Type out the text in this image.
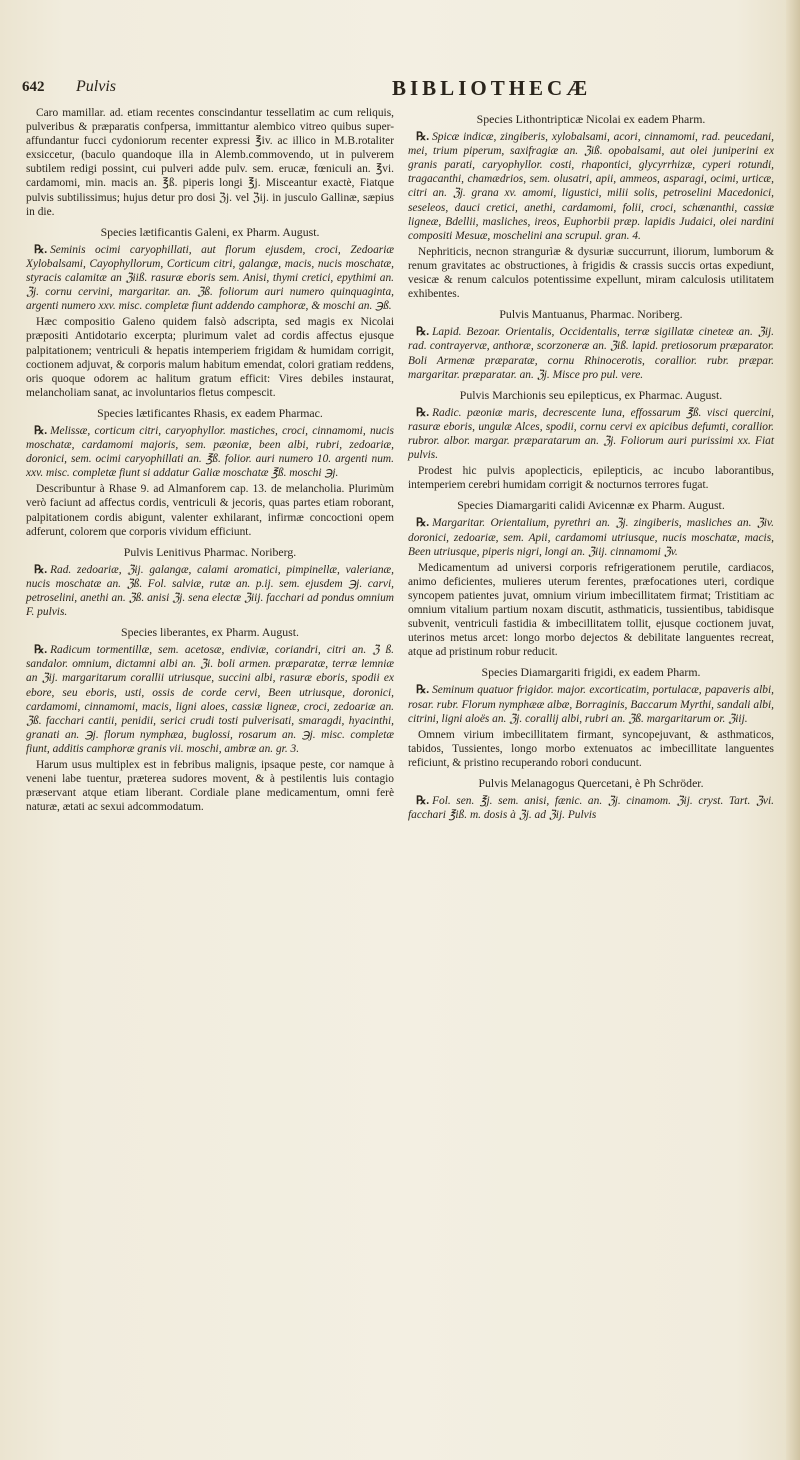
642 Pulvis	BIBLIOTHECÆ

Caro mamillar. ad. etiam recentes conscindantur tessellatim ac cum reliquis, pulveribus & præparatis confpersa, immittantur alembico vitreo quibus super-affundantur fucci cydoniorum recenter expressi ℥iv. ac illico in M.B.rotaliter exsiccetur, (baculo quandoque illa in Alemb.commovendo, ut in pulverem subtilem redigi possint, cui pulveri adde pulv. sem. erucæ, fœniculi an. ℥vi. cardamomi, min. macis an. ℥ß. piperis longi ℥j. Misceantur exactè, Fiatque pulvis subtilissimus; hujus detur pro dosi ℨj. vel ℨij. in jusculo Gallinæ, sæpius in die.

Species lætificantis Galeni, ex Pharm. August.

℞. Seminis ocimi caryophillati, aut florum ejusdem, croci, Zedoariæ Xylobalsami, Cayophyllorum, Corticum citri, galangæ, macis, nucis moschatæ, styracis calamitæ an ℨiiß. rasuræ eboris sem. Anisi, thymi cretici, epythimi an. ℨj. cornu cervini, margaritar. an. ℨß. foliorum auri numero quinquaginta, argenti numero xxv. misc. completæ fiunt addendo camphoræ, & moschi an. ℈ß.

Hæc compositio Galeno quidem falsò adscripta, sed magis ex Nicolai præpositi Antidotario excerpta; plurimum valet ad cordis affectus ejusque palpitationem; ventriculi & hepatis intemperiem frigidam & humidam corrigit, coctionem adjuvat, & corporis malum habitum emendat, colori gratiam reddens, oris quoque odorem ac halitum gratum efficit: Vires debiles instaurat, melancholiam sanat, ac involuntarios fletus compescit.

Species lætificantes Rhasis, ex eadem Pharmac.

℞. Melissæ, corticum citri, caryophyllor. mastiches, croci, cinnamomi, nucis moschatæ, cardamomi majoris, sem. pæoniæ, been albi, rubri, zedoariæ, doronici, sem. ocimi caryophillati an. ℥ß. folior. auri numero 10. argenti num. xxv. misc. completæ fiunt si addatur Galiæ moschatæ ℥ß. moschi ℈j.

Describuntur à Rhase 9. ad Almanforem cap. 13. de melancholia. Plurimùm verò faciunt ad affectus cordis, ventriculi & jecoris, quas partes etiam roborant, palpitationem cordis abigunt, valenter exhilarant, infirmæ concoctioni opem adferunt, colorem que corporis vividum efficiunt.

Pulvis Lenitivus Pharmac. Noriberg.

℞. Rad. zedoariæ, ℨij. galangæ, calami aromatici, pimpinellæ, valerianæ, nucis moschatæ an. ℨß. Fol. salviæ, rutæ an. p.ij. sem. ejusdem ℈j. carvi, petroselini, anethi an. ℨß. anisi ℨj. sena electæ ℨiij. facchari ad pondus omnium F. pulvis.

Species liberantes, ex Pharm. August.

℞. Radicum tormentillæ, sem. acetosæ, endiviæ, coriandri, citri an. ℨ ß. sandalor. omnium, dictamni albi an. ℨi. boli armen. præparatæ, terræ lemniæ an ℨij. margaritarum corallii utriusque, succini albi, rasuræ eboris, spodii ex ebore, seu eboris, usti, ossis de corde cervi, Been utriusque, doronici, cardamomi, cinnamomi, macis, ligni aloes, cassiæ ligneæ, croci, zedoariæ an. ℨß. facchari cantii, penidii, serici crudi tosti pulverisati, smaragdi, hyacinthi, granati an. ℈j. florum nymphæa, buglossi, rosarum an. ℈j. misc. completæ fiunt, additis camphoræ granis vii. moschi, ambræ an. gr. 3.

Harum usus multiplex est in febribus malignis, ipsaque peste, cor namque à veneni labe tuentur, præterea sudores movent, & à pestilentis luis contagio præservant atque etiam liberant. Cordiale plane medicamentum, omni ferè naturæ, ætati ac sexui adcommodatum.

Species Lithontripticæ Nicolai ex eadem Pharm.

℞. Spicæ indicæ, zingiberis, xylobalsami, acori, cinnamomi, rad. peucedani, mei, trium piperum, saxifragiæ an. ℨiß. opobalsami, aut olei juniperini ex granis parati, caryophyllor. costi, rhapontici, glycyrrhizæ, cyperi rotundi, tragacanthi, chamædrios, sem. olusatri, apii, ammeos, asparagi, ocimi, urticæ, citri an. ℨj. grana xv. amomi, ligustici, milii solis, petroselini Macedonici, seseleos, dauci cretici, anethi, cardamomi, folii, croci, schænanthi, cassiæ ligneæ, Bdellii, masliches, ireos, Euphorbii præp. lapidis Judaici, olei nardini compositi Mesuæ, moschelini ana scrupul. gran. 4.

Nephriticis, necnon strangurìæ & dysuriæ succurrunt, iliorum, lumborum & renum gravitates ac obstructiones, à frigidis & crassis succis ortas expediunt, vesicæ & renum calculos potentissime expellunt, miram calculosis utilitatem exhibentes.

Pulvis Mantuanus, Pharmac. Noriberg.

℞. Lapid. Bezoar. Orientalis, Occidentalis, terræ sigillatæ cineteæ an. ℨij. rad. contrayervæ, anthoræ, scorzoneræ an. ℨiß. lapid. pretiosorum præparator. Boli Armenæ præparatæ, cornu Rhinocerotis, corallior. rubr. præpar. margaritar. præparatar. an. ℨj. Misce pro pul. vere.

Pulvis Marchionis seu epilepticus, ex Pharmac. August.

℞. Radic. pæoniæ maris, decrescente luna, effossarum ℥ß. visci quercini, rasuræ eboris, ungulæ Alces, spodii, cornu cervi ex apicibus defumti, corallior. rubror. albor. margar. præparatarum an. ℨj. Foliorum auri purissimi xx. Fiat pulvis.

Prodest hic pulvis apoplecticis, epilepticis, ac incubo laborantibus, intemperiem cerebri humidam corrigit & nocturnos terrores fugat.

Species Diamargariti calidi Avicennæ ex Pharm. August.

℞. Margaritar. Orientalium, pyrethri an. ℨj. zingiberis, masliches an. ℨiv. doronici, zedoariæ, sem. Apii, cardamomi utriusque, nucis moschatæ, macis, Been utriusque, piperis nigri, longi an. ℨiij. cinnamomi ℨv.

Medicamentum ad universi corporis refrigerationem perutile, cardiacos, animo deficientes, mulieres uterum ferentes, præfocationes uteri, cordique syncopem patientes juvat, omnium virium imbecillitatem firmat; Tristitiam ac omnium vitalium partium noxam discutit, asthmaticis, tussientibus, tabidisque subvenit, ventriculi fastidia & imbecillitatem tollit, ejusque coctionem juvat, uterinos metus arcet: longo morbo dejectos & debilitate languentes recreat, atque ad pristinum robur reducit.

Species Diamargariti frigidi, ex eadem Pharm.

℞. Seminum quatuor frigidor. major. excorticatim, portulacæ, papaveris albi, rosar. rubr. Florum nymphææ albæ, Borraginis, Baccarum Myrthi, sandali albi, citrini, ligni aloës an. ℨj. corallij albi, rubri an. ℨß. margaritarum or. ℨiij.

Omnem virium imbecillitatem firmant, syncopejuvant, & asthmaticos, tabidos, Tussientes, longo morbo extenuatos ac imbecillitate languentes reficiunt, & pristino recuperando robori conducunt.

Pulvis Melanagogus Quercetani, è Ph Schröder.

℞. Fol. sen. ℥j. sem. anisi, fænic. an. ℨj. cinamom. ℨij. cryst. Tart. ℨvi. facchari ℥iß. m. dosis à ℨj. ad ℨij. Pulvis
